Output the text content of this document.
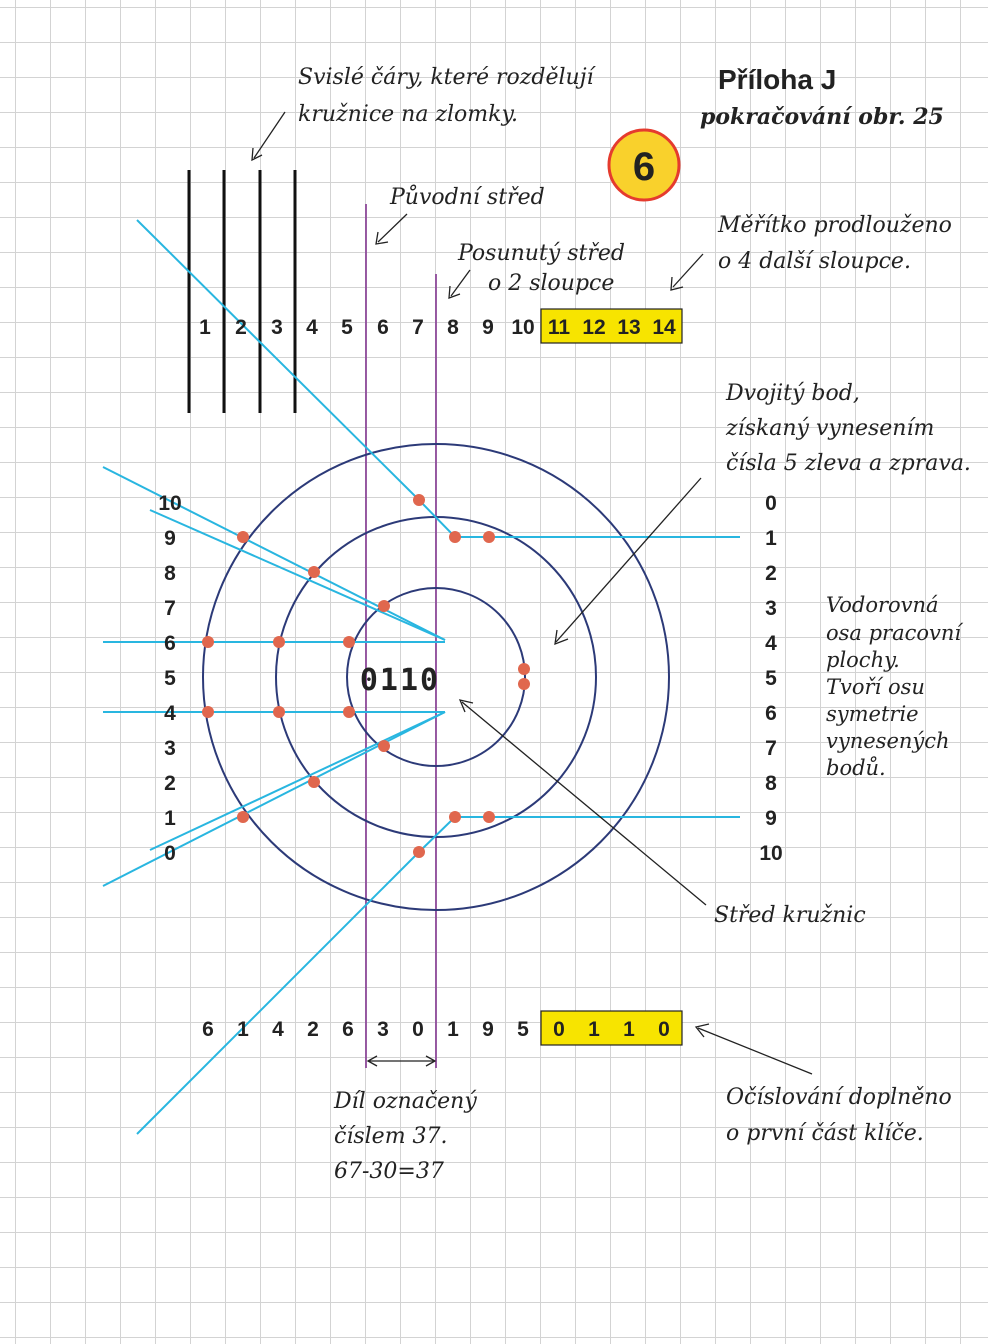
Příloha J
pokračování obr. 25
6
Svislé čáry, které rozdělují
kružnice na zlomky.
Původní střed
Posunutý střed
o 2 sloupce
Měřítko prodlouženo
o 4 další sloupce.
Dvojitý bod,
získaný vynesením
čísla 5 zleva a zprava.
Vodorovná
osa pracovní
plochy.
Tvoří osu
symetrie
vynesených
bodů.
Střed kružnic
Díl označený
číslem 37.
67-30=37
Očíslování doplněno
o první část klíče.
0110
1 2 3 4 5 6 7 8 9 10 11 12 13 14
6 1 4 2 6 3 0 1 9 5 0 1 1 0
10
9
8
7
6
5
4
3
2
1
0
0
1
2
3
4
5
6
7
8
9
10
